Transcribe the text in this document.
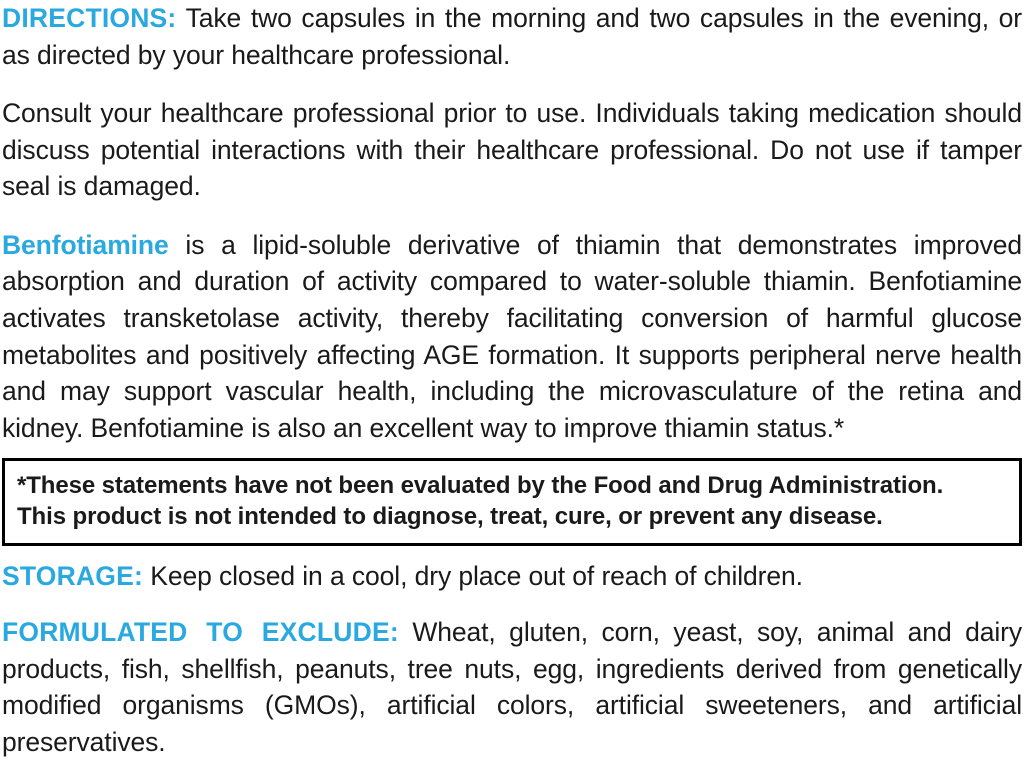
DIRECTIONS: Take two capsules in the morning and two capsules in the evening, or as directed by your healthcare professional.

Consult your healthcare professional prior to use. Individuals taking medication should discuss potential interactions with their healthcare professional. Do not use if tamper seal is damaged.

Benfotiamine is a lipid-soluble derivative of thiamin that demonstrates improved absorption and duration of activity compared to water-soluble thiamin. Benfotiamine activates transketolase activity, thereby facilitating conversion of harmful glucose metabolites and positively affecting AGE formation. It supports peripheral nerve health and may support vascular health, including the microvasculature of the retina and kidney. Benfotiamine is also an excellent way to improve thiamin status.*

*These statements have not been evaluated by the Food and Drug Administration.
This product is not intended to diagnose, treat, cure, or prevent any disease.

STORAGE: Keep closed in a cool, dry place out of reach of children.

FORMULATED TO EXCLUDE: Wheat, gluten, corn, yeast, soy, animal and dairy products, fish, shellfish, peanuts, tree nuts, egg, ingredients derived from genetically modified organisms (GMOs), artificial colors, artificial sweeteners, and artificial preservatives.
